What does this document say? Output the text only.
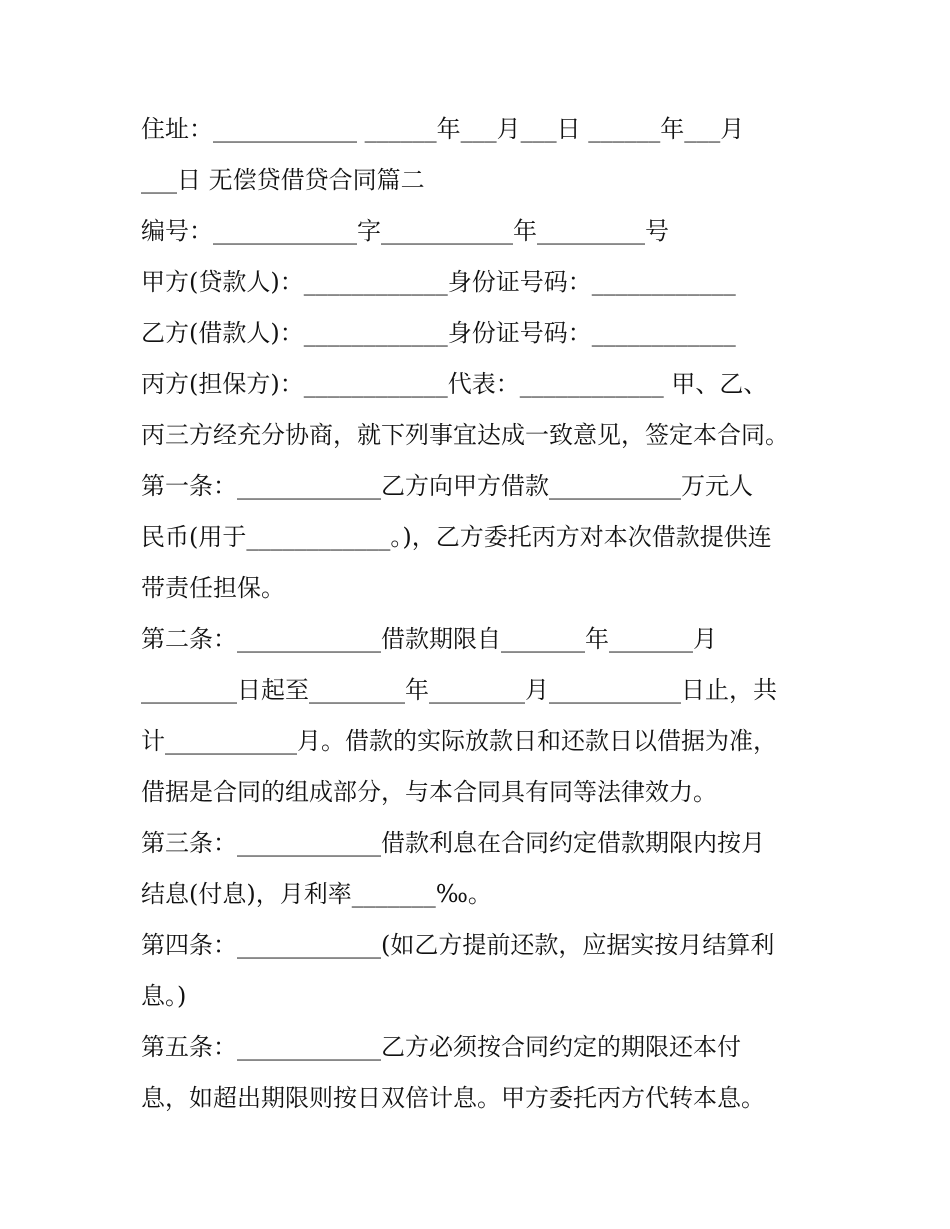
住址：____________ ______年___月___日 ______年___月
___日 无偿贷借贷合同篇二
编号：____________字___________年_________号
甲方(贷款人)：____________身份证号码：____________
乙方(借款人)：____________身份证号码：____________
丙方(担保方)：____________代表：____________ 甲、乙、
丙三方经充分协商，就下列事宜达成一致意见，签定本合同。
第一条：____________乙方向甲方借款___________万元人
民币(用于____________。)，乙方委托丙方对本次借款提供连
带责任担保。
第二条：____________借款期限自_______年_______月
________日起至________年________月___________日止，共
计___________月。借款的实际放款日和还款日以借据为准，
借据是合同的组成部分，与本合同具有同等法律效力。
第三条：____________借款利息在合同约定借款期限内按月
结息(付息)，月利率_______‰。
第四条：____________(如乙方提前还款，应据实按月结算利
息。)
第五条：____________乙方必须按合同约定的期限还本付
息，如超出期限则按日双倍计息。甲方委托丙方代转本息。
